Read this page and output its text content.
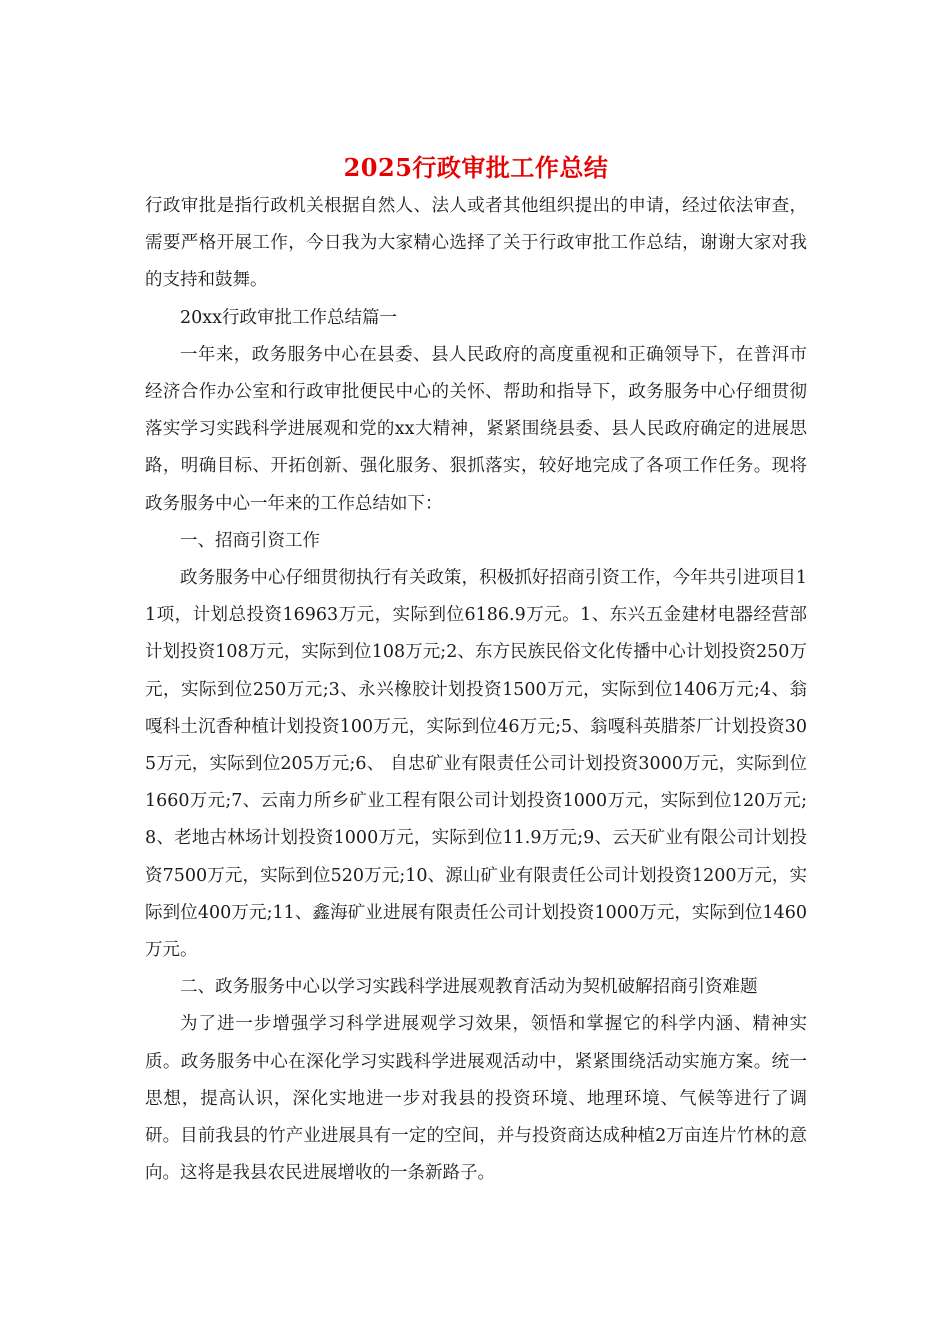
2025行政审批工作总结

行政审批是指行政机关根据自然人、法人或者其他组织提出的申请，经过依法审查，需要严格开展工作，今日我为大家精心选择了关于行政审批工作总结，谢谢大家对我的支持和鼓舞。

20xx行政审批工作总结篇一

一年来，政务服务中心在县委、县人民政府的高度重视和正确领导下，在普洱市经济合作办公室和行政审批便民中心的关怀、帮助和指导下，政务服务中心仔细贯彻落实学习实践科学进展观和党的xx大精神，紧紧围绕县委、县人民政府确定的进展思路，明确目标、开拓创新、强化服务、狠抓落实，较好地完成了各项工作任务。现将政务服务中心一年来的工作总结如下：

一、招商引资工作

政务服务中心仔细贯彻执行有关政策，积极抓好招商引资工作，今年共引进项目11项，计划总投资16963万元，实际到位6186.9万元。1、东兴五金建材电器经营部计划投资108万元，实际到位108万元;2、东方民族民俗文化传播中心计划投资250万元，实际到位250万元;3、永兴橡胶计划投资1500万元，实际到位1406万元;4、翁嘎科土沉香种植计划投资100万元，实际到位46万元;5、翁嘎科英腊茶厂计划投资305万元，实际到位205万元;6、 自忠矿业有限责任公司计划投资3000万元，实际到位1660万元;7、云南力所乡矿业工程有限公司计划投资1000万元，实际到位120万元;8、老地古林场计划投资1000万元，实际到位11.9万元;9、云天矿业有限公司计划投资7500万元，实际到位520万元;10、源山矿业有限责任公司计划投资1200万元，实际到位400万元;11、鑫海矿业进展有限责任公司计划投资1000万元，实际到位1460万元。

二、政务服务中心以学习实践科学进展观教育活动为契机破解招商引资难题

为了进一步增强学习科学进展观学习效果，领悟和掌握它的科学内涵、精神实质。政务服务中心在深化学习实践科学进展观活动中，紧紧围绕活动实施方案。统一思想，提高认识，深化实地进一步对我县的投资环境、地理环境、气候等进行了调研。目前我县的竹产业进展具有一定的空间，并与投资商达成种植2万亩连片竹林的意向。这将是我县农民进展增收的一条新路子。
